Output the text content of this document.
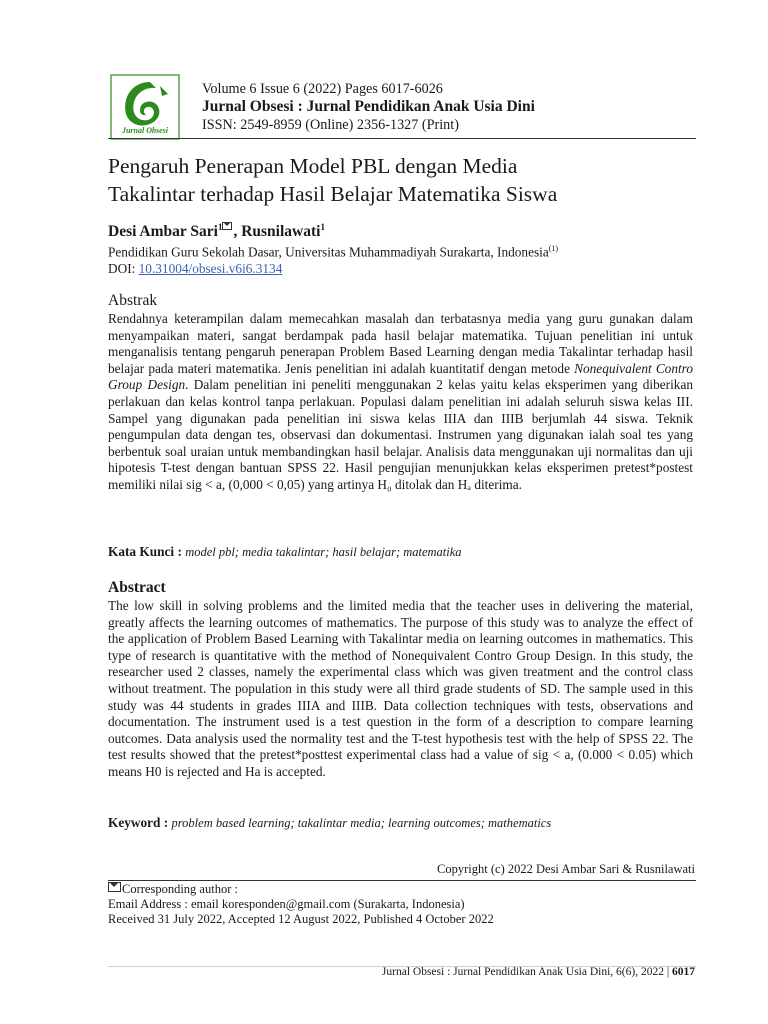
Jurnal Obsesi
Volume 6 Issue 6 (2022) Pages 6017-6026
Jurnal Obsesi : Jurnal Pendidikan Anak Usia Dini
ISSN: 2549-8959 (Online) 2356-1327 (Print)
Pengaruh Penerapan Model PBL dengan Media
Takalintar terhadap Hasil Belajar Matematika Siswa
Desi Ambar Sari$^1$ , Rusnilawati$^1$
Pendidikan Guru Sekolah Dasar, Universitas Muhammadiyah Surakarta, Indonesia$^{(1)}$
DOI: 10.31004/obsesi.v6i6.3134
Abstrak

Rendahnya keterampilan dalam memecahkan masalah dan terbatasnya media yang guru gunakan dalam menyampaikan materi, sangat berdampak pada hasil belajar matematika. Tujuan penelitian ini untuk menganalisis tentang pengaruh penerapan Problem Based Learning dengan media Takalintar terhadap hasil belajar pada materi matematika. Jenis penelitian ini adalah kuantitatif dengan metode Nonequivalent Contro Group Design. Dalam penelitian ini peneliti menggunakan 2 kelas yaitu kelas eksperimen yang diberikan perlakuan dan kelas kontrol tanpa perlakuan. Populasi dalam penelitian ini adalah seluruh siswa kelas III. Sampel yang digunakan pada penelitian ini siswa kelas IIIA dan IIIB berjumlah 44 siswa. Teknik pengumpulan data dengan tes, observasi dan dokumentasi. Instrumen yang digunakan ialah soal tes yang berbentuk soal uraian untuk membandingkan hasil belajar. Analisis data menggunakan uji normalitas dan uji hipotesis T-test dengan bantuan SPSS 22. Hasil pengujian menunjukkan kelas eksperimen pretest*postest memiliki nilai sig < a, (0,000 < 0,05) yang artinya H₀ ditolak dan Hₐ diterima.

Kata Kunci : model pbl; media takalintar; hasil belajar; matematika
Abstract

The low skill in solving problems and the limited media that the teacher uses in delivering the material, greatly affects the learning outcomes of mathematics. The purpose of this study was to analyze the effect of the application of Problem Based Learning with Takalintar media on learning outcomes in mathematics. This type of research is quantitative with the method of Nonequivalent Contro Group Design. In this study, the researcher used 2 classes, namely the experimental class which was given treatment and the control class without treatment. The population in this study were all third grade students of SD. The sample used in this study was 44 students in grades IIIA and IIIB. Data collection techniques with tests, observations and documentation. The instrument used is a test question in the form of a description to compare learning outcomes. Data analysis used the normality test and the T-test hypothesis test with the help of SPSS 22. The test results showed that the pretest*posttest experimental class had a value of sig < a, (0.000 < 0.05) which means H0 is rejected and Ha is accepted.

Keyword : problem based learning; takalintar media; learning outcomes; mathematics
Copyright (c) 2022 Desi Ambar Sari & Rusnilawati
Corresponding author :
Email Address : email koresponden@gmail.com (Surakarta, Indonesia)
Received 31 July 2022, Accepted 12 August 2022, Published 4 October 2022
Jurnal Obsesi : Jurnal Pendidikan Anak Usia Dini, 6(6), 2022 | 6017
